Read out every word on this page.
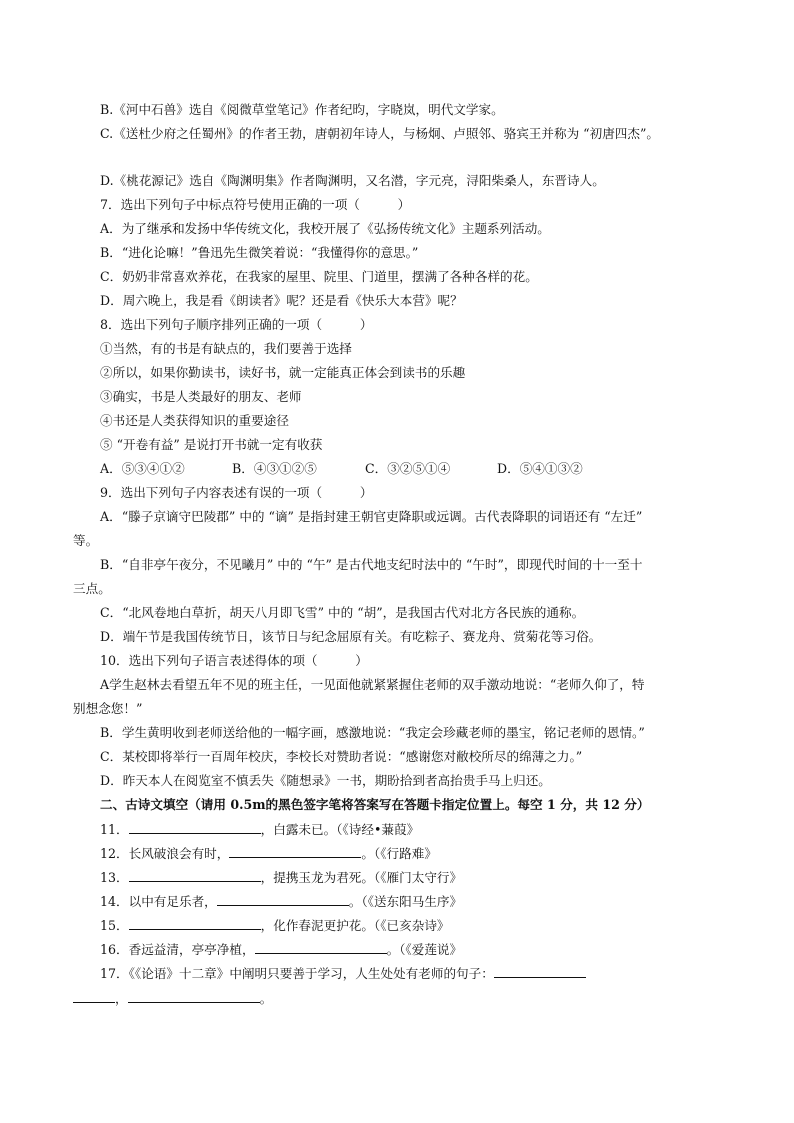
B.《河中石兽》选自《阅微草堂笔记》作者纪昀，字晓岚，明代文学家。
C.《送杜少府之任蜀州》的作者王勃，唐朝初年诗人，与杨炯、卢照邻、骆宾王并称为 “初唐四杰”。
D.《桃花源记》选自《陶渊明集》作者陶渊明，又名潜，字元亮，浔阳柴桑人，东晋诗人。
7．选出下列句子中标点符号使用正确的一项（　　　）
A．为了继承和发扬中华传统文化，我校开展了《弘扬传统文化》主题系列活动。
B．“进化论嘛！”鲁迅先生微笑着说：“我懂得你的意思。”
C．奶奶非常喜欢养花，在我家的屋里、院里、门道里，摆满了各种各样的花。
D．周六晚上，我是看《朗读者》呢？还是看《快乐大本营》呢？
8．选出下列句子顺序排列正确的一项（　　　）
①当然，有的书是有缺点的，我们要善于选择
②所以，如果你勤读书，读好书，就一定能真正体会到读书的乐趣
③确实，书是人类最好的朋友、老师
④书还是人类获得知识的重要途径
⑤ “开卷有益” 是说打开书就一定有收获
A．⑤③④①②	B．④③①②⑤	C．③②⑤①④	D．⑤④①③②
9．选出下列句子内容表述有误的一项（　　　）
A．“滕子京谪守巴陵郡” 中的 “谪” 是指封建王朝官吏降职或远调。古代表降职的词语还有 “左迁”
等。
B．“自非亭午夜分，不见曦月” 中的 “午” 是古代地支纪时法中的 “午时”，即现代时间的十一至十
三点。
C．“北风卷地白草折，胡天八月即飞雪” 中的 “胡”，是我国古代对北方各民族的通称。
D．端午节是我国传统节日，该节日与纪念屈原有关。有吃粽子、赛龙舟、赏菊花等习俗。
10．选出下列句子语言表述得体的项（　　　）
A学生赵林去看望五年不见的班主任，一见面他就紧紧握住老师的双手激动地说：“老师久仰了，特
别想念您！”
B．学生黄明收到老师送给他的一幅字画，感激地说：“我定会珍藏老师的墨宝，铭记老师的恩情。”
C．某校即将举行一百周年校庆，李校长对赞助者说：“感谢您对敝校所尽的绵薄之力。”
D．昨天本人在阅览室不慎丢失《随想录》一书，期盼拾到者高抬贵手马上归还。
二、古诗文填空（请用 0.5m的黑色签字笔将答案写在答题卡指定位置上。每空 1 分，共 12 分）
11．	，白露未已。（《诗经•蒹葭》
12．长风破浪会有时，	。（《行路难》
13．	，提携玉龙为君死。（《雁门太守行》
14．以中有足乐者，	。（《送东阳马生序》
15．	，化作春泥更护花。（《已亥杂诗》
16．香远益清，亭亭净植，	。（《爱莲说》
17．《《论语》十二章》中阐明只要善于学习，人生处处有老师的句子：
，	。
